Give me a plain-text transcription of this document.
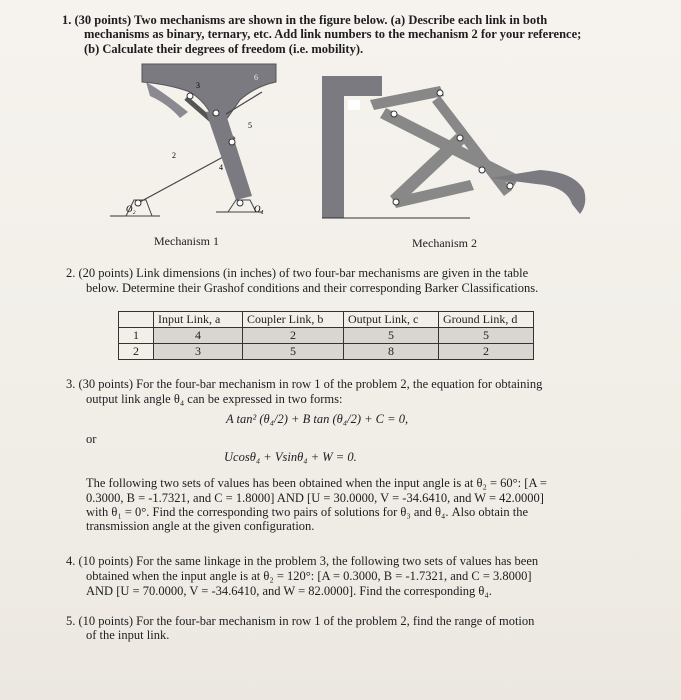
1. (30 points) Two mechanisms are shown in the figure below. (a) Describe each link in both
mechanisms as binary, ternary, etc. Add link numbers to the mechanism 2 for your reference;
(b) Calculate their degrees of freedom (i.e. mobility).
O₂	O₄
2
3
4
5
6
Mechanism 1	Mechanism 2
2. (20 points) Link dimensions (in inches) of two four-bar mechanisms are given in the table
below. Determine their Grashof conditions and their corresponding Barker Classifications.
	Input Link, a	Coupler Link, b	Output Link, c	Ground Link, d
1	4	2	5	5
2	3	5	8	2
3. (30 points) For the four-bar mechanism in row 1 of the problem 2, the equation for obtaining
output link angle θ₄ can be expressed in two forms:
A tan² (θ₄/2) + B tan (θ₄/2) + C = 0,
or
Ucosθ₄ + Vsinθ₄ + W = 0.
The following two sets of values has been obtained when the input angle is at θ₂ = 60°: [A =
0.3000, B = -1.7321, and C = 1.8000] AND [U = 30.0000, V = -34.6410, and W = 42.0000]
with θ₁ = 0°. Find the corresponding two pairs of solutions for θ₃ and θ₄. Also obtain the
transmission angle at the given configuration.
4. (10 points) For the same linkage in the problem 3, the following two sets of values has been
obtained when the input angle is at θ₂ = 120°: [A = 0.3000, B = -1.7321, and C = 3.8000]
AND [U = 70.0000, V = -34.6410, and W = 82.0000]. Find the corresponding θ₄.
5. (10 points) For the four-bar mechanism in row 1 of the problem 2, find the range of motion
of the input link.
